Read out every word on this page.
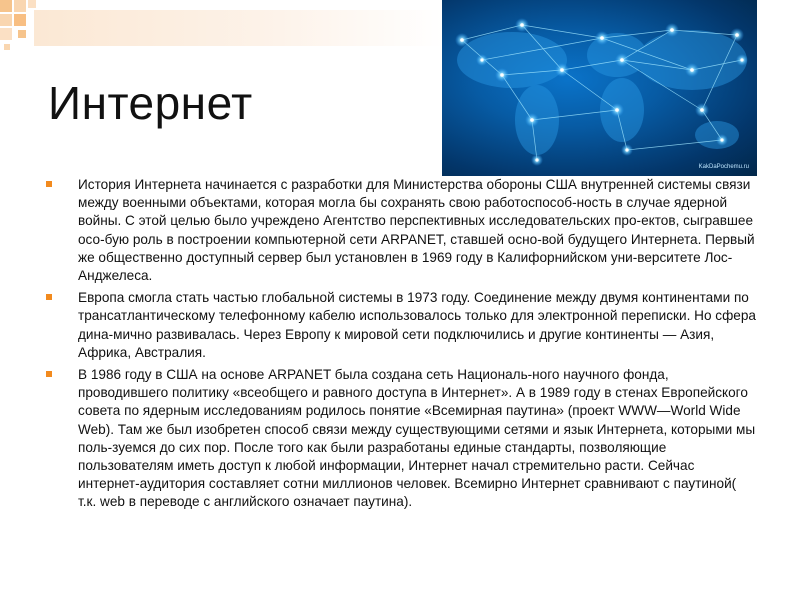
Интернет
KakDaPochemu.ru

История Интернета начинается с разработки для Министерства обороны США внутренней системы связи между военными объектами, которая могла бы сохранять свою работоспособ-ность в случае ядерной войны. С этой целью было учреждено Агентство перспективных исследовательских про-ектов, сыгравшее осо-бую роль в построении компьютерной сети ARPANET, ставшей осно-вой будущего Интернета. Первый же общественно доступный сервер был установлен в 1969 году в Калифорнийском уни-верситете Лос-Анджелеса.

Европа смогла стать частью глобальной системы в 1973 году. Соединение между двумя континентами по трансатлантическому телефонному кабелю использовалось только для электронной переписки. Но сфера дина-мично развивалась. Через Европу к мировой сети подключились и другие континенты — Азия, Африка, Австралия.

В 1986 году в США на основе ARPANET была создана сеть Националь-ного научного фонда, проводившего политику «всеобщего и равного доступа в Интернет». А в 1989 году в стенах Европейского совета по ядерным исследованиям родилось понятие «Всемирная паутина» (проект WWW—World Wide Web). Там же был изобретен способ связи между существующими сетями и язык Интернета, которыми мы поль-зуемся до сих пор. После того как были разработаны единые стандарты, позволяющие пользователям иметь доступ к любой информации, Интернет начал стремительно расти. Сейчас интернет-аудитория составляет сотни миллионов человек. Всемирно Интернет сравнивают с паутиной( т.к. web в переводе с английского означает паутина).
